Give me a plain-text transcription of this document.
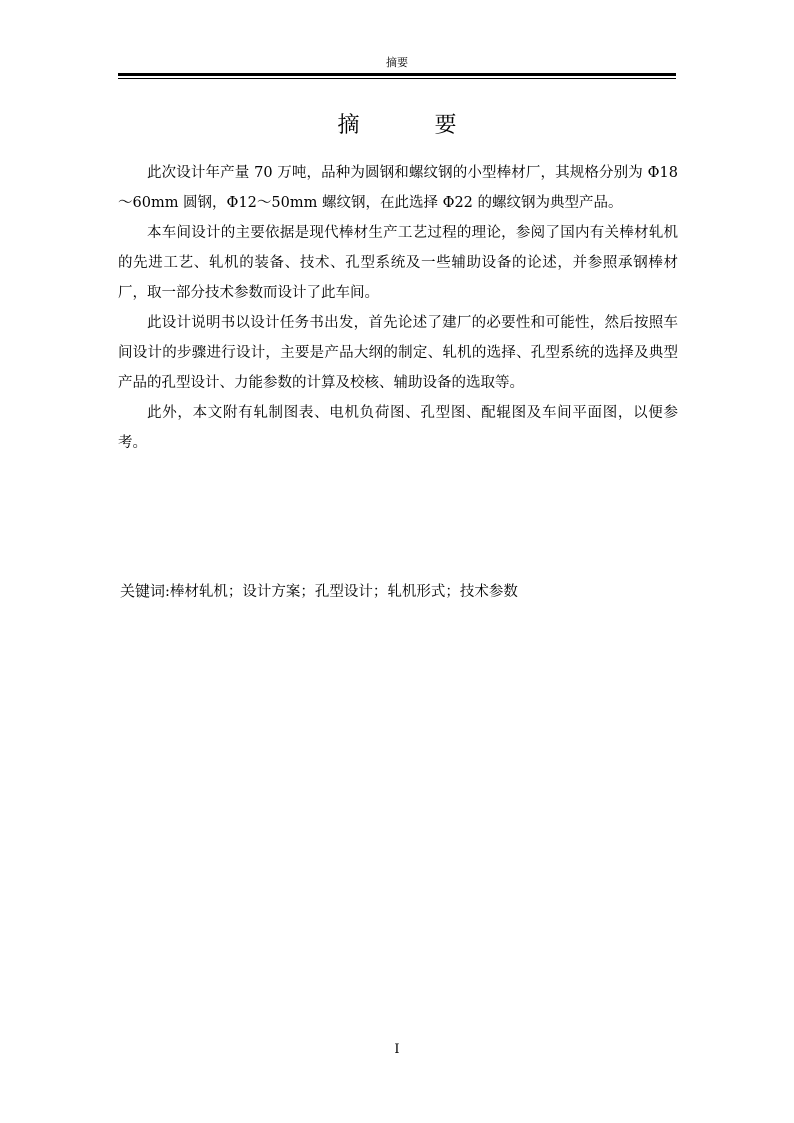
摘要
摘 要

此次设计年产量 70 万吨，品种为圆钢和螺纹钢的小型棒材厂，其规格分别为 Φ18～60mm 圆钢，Φ12～50mm 螺纹钢，在此选择 Φ22 的螺纹钢为典型产品。

本车间设计的主要依据是现代棒材生产工艺过程的理论，参阅了国内有关棒材轧机的先进工艺、轧机的装备、技术、孔型系统及一些辅助设备的论述，并参照承钢棒材厂，取一部分技术参数而设计了此车间。

此设计说明书以设计任务书出发，首先论述了建厂的必要性和可能性，然后按照车间设计的步骤进行设计，主要是产品大纲的制定、轧机的选择、孔型系统的选择及典型产品的孔型设计、力能参数的计算及校核、辅助设备的选取等。

此外，本文附有轧制图表、电机负荷图、孔型图、配辊图及车间平面图，以便参考。

关键词:棒材轧机；设计方案；孔型设计；轧机形式；技术参数
I
